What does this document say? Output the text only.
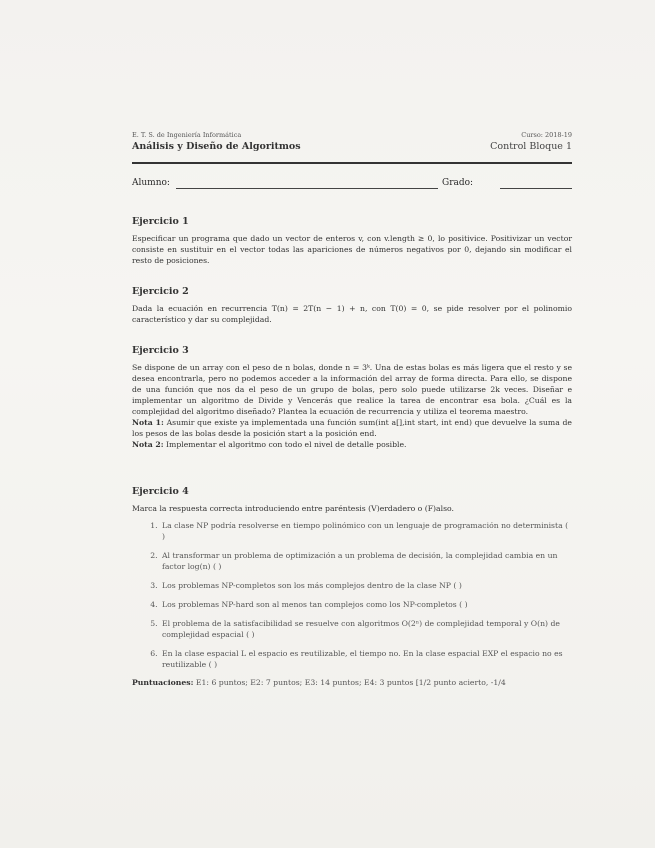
E. T. S. de Ingeniería Informática
Análisis y Diseño de Algoritmos
Curso: 2018-19
Control Bloque 1
Alumno:	Grado:
Ejercicio 1

Especificar un programa que dado un vector de enteros v, con v.length ≥ 0, lo positivice. Positivizar un vector consiste en sustituir en el vector todas las apariciones de números negativos por 0, dejando sin modificar el resto de posiciones.

Ejercicio 2

Dada la ecuación en recurrencia T(n) = 2T(n − 1) + n, con T(0) = 0, se pide resolver por el polinomio característico y dar su complejidad.

Ejercicio 3

Se dispone de un array con el peso de n bolas, donde n = 3ᵏ. Una de estas bolas es más ligera que el resto y se desea encontrarla, pero no podemos acceder a la información del array de forma directa. Para ello, se dispone de una función que nos da el peso de un grupo de bolas, pero solo puede utilizarse 2k veces. Diseñar e implementar un algoritmo de Divide y Vencerás que realice la tarea de encontrar esa bola. ¿Cuál es la complejidad del algoritmo diseñado? Plantea la ecuación de recurrencia y utiliza el teorema maestro.

Nota 1: Asumir que existe ya implementada una función sum(int a[],int start, int end) que devuelve la suma de los pesos de las bolas desde la posición start a la posición end.

Nota 2: Implementar el algoritmo con todo el nivel de detalle posible.

Ejercicio 4

Marca la respuesta correcta introduciendo entre paréntesis (V)erdadero o (F)also.

1. La clase NP podría resolverse en tiempo polinómico con un lenguaje de programación no determinista ( )
2. Al transformar un problema de optimización a un problema de decisión, la complejidad cambia en un factor log(n) ( )
3. Los problemas NP-completos son los más complejos dentro de la clase NP ( )
4. Los problemas NP-hard son al menos tan complejos como los NP-completos ( )
5. El problema de la satisfacibilidad se resuelve con algoritmos O(2ⁿ) de complejidad temporal y O(n) de complejidad espacial ( )
6. En la clase espacial L el espacio es reutilizable, el tiempo no. En la clase espacial EXP el espacio no es reutilizable ( )
Puntuaciones: E1: 6 puntos; E2: 7 puntos; E3: 14 puntos; E4: 3 puntos [1/2 punto acierto, -1/4
